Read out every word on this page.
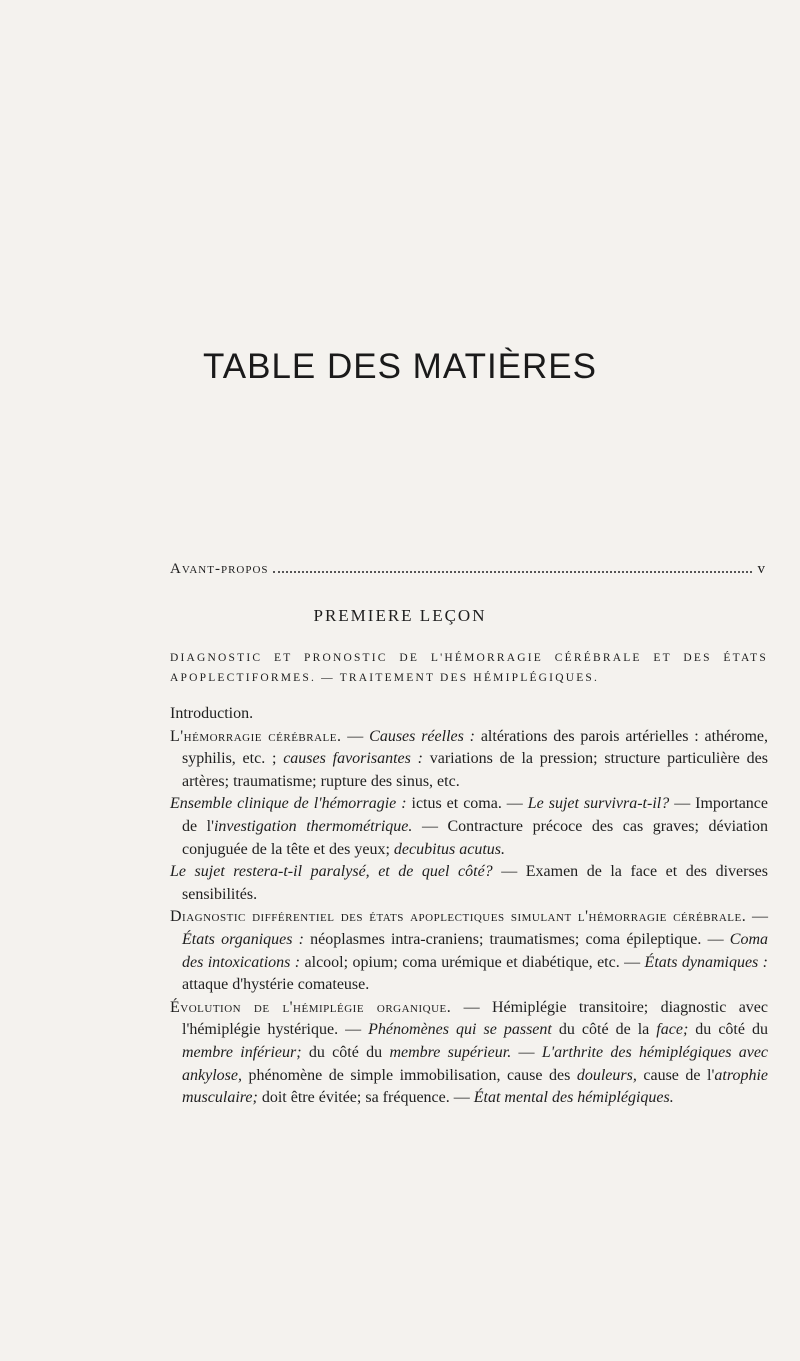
TABLE DES MATIÈRES
Avant-propos	v
PREMIERE LEÇON
DIAGNOSTIC ET PRONOSTIC DE L'HÉMORRAGIE CÉRÉBRALE ET DES ÉTATS APOPLECTIFORMES. — TRAITEMENT DES HÉMIPLÉGIQUES.

Introduction.

L'hémorragie cérébrale. — Causes réelles : altérations des parois artérielles : athérome, syphilis, etc. ; causes favorisantes : variations de la pression; structure particulière des artères; traumatisme; rupture des sinus, etc.

Ensemble clinique de l'hémorragie : ictus et coma. — Le sujet survivra-t-il? — Importance de l'investigation thermométrique. — Contracture précoce des cas graves; déviation conjuguée de la tête et des yeux; decubitus acutus.

Le sujet restera-t-il paralysé, et de quel côté? — Examen de la face et des diverses sensibilités.

Diagnostic différentiel des états apoplectiques simulant l'hémorragie cérébrale. — États organiques : néoplasmes intra-craniens; traumatismes; coma épileptique. — Coma des intoxications : alcool; opium; coma urémique et diabétique, etc. — États dynamiques : attaque d'hystérie comateuse.

Évolution de l'hémiplégie organique. — Hémiplégie transitoire; diagnostic avec l'hémiplégie hystérique. — Phénomènes qui se passent du côté de la face; du côté du membre inférieur; du côté du membre supérieur. — L'arthrite des hémiplégiques avec ankylose, phénomène de simple immobilisation, cause des douleurs, cause de l'atrophie musculaire; doit être évitée; sa fréquence. — État mental des hémiplégiques.
